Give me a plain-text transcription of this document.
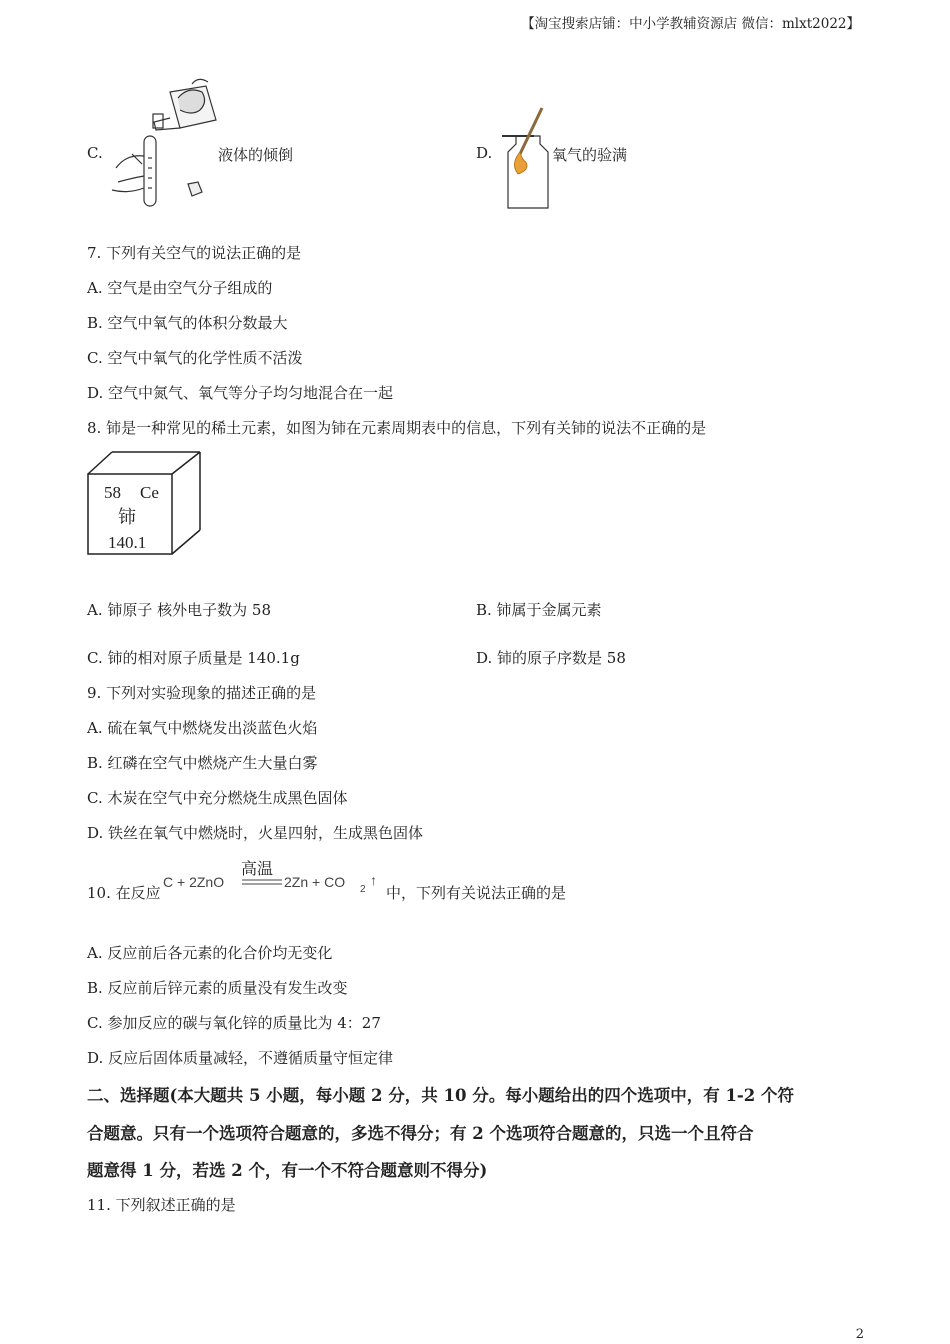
【淘宝搜索店铺：中小学教辅资源店 微信：mlxt2022】
C.	液体的倾倒	D.	氧气的验满
7. 下列有关空气的说法正确的是
A. 空气是由空气分子组成的
B. 空气中氧气的体积分数最大
C. 空气中氧气的化学性质不活泼
D. 空气中氮气、氧气等分子均匀地混合在一起
8. 铈是一种常见的稀土元素，如图为铈在元素周期表中的信息，下列有关铈的说法不正确的是
58 Ce
铈
140.1
A. 铈原子 核外电子数为 58	B. 铈属于金属元素
C. 铈的相对原子质量是 140.1g	D. 铈的原子序数是 58
9. 下列对实验现象的描述正确的是
A. 硫在氧气中燃烧发出淡蓝色火焰
B. 红磷在空气中燃烧产生大量白雾
C. 木炭在空气中充分燃烧生成黑色固体
D. 铁丝在氧气中燃烧时，火星四射，生成黑色固体
10. 在反应
C + 2ZnO
高温
2Zn + CO 2
↑
中，下列有关说法正确的是
A. 反应前后各元素的化合价均无变化
B. 反应前后锌元素的质量没有发生改变
C. 参加反应的碳与氧化锌的质量比为 4：27
D. 反应后固体质量减轻，不遵循质量守恒定律
二、选择题(本大题共 5 小题，每小题 2 分，共 10 分。每小题给出的四个选项中，有 1-2 个符
合题意。只有一个选项符合题意的，多选不得分；有 2 个选项符合题意的，只选一个且符合
题意得 1 分，若选 2 个，有一个不符合题意则不得分)
11. 下列叙述正确的是
2
